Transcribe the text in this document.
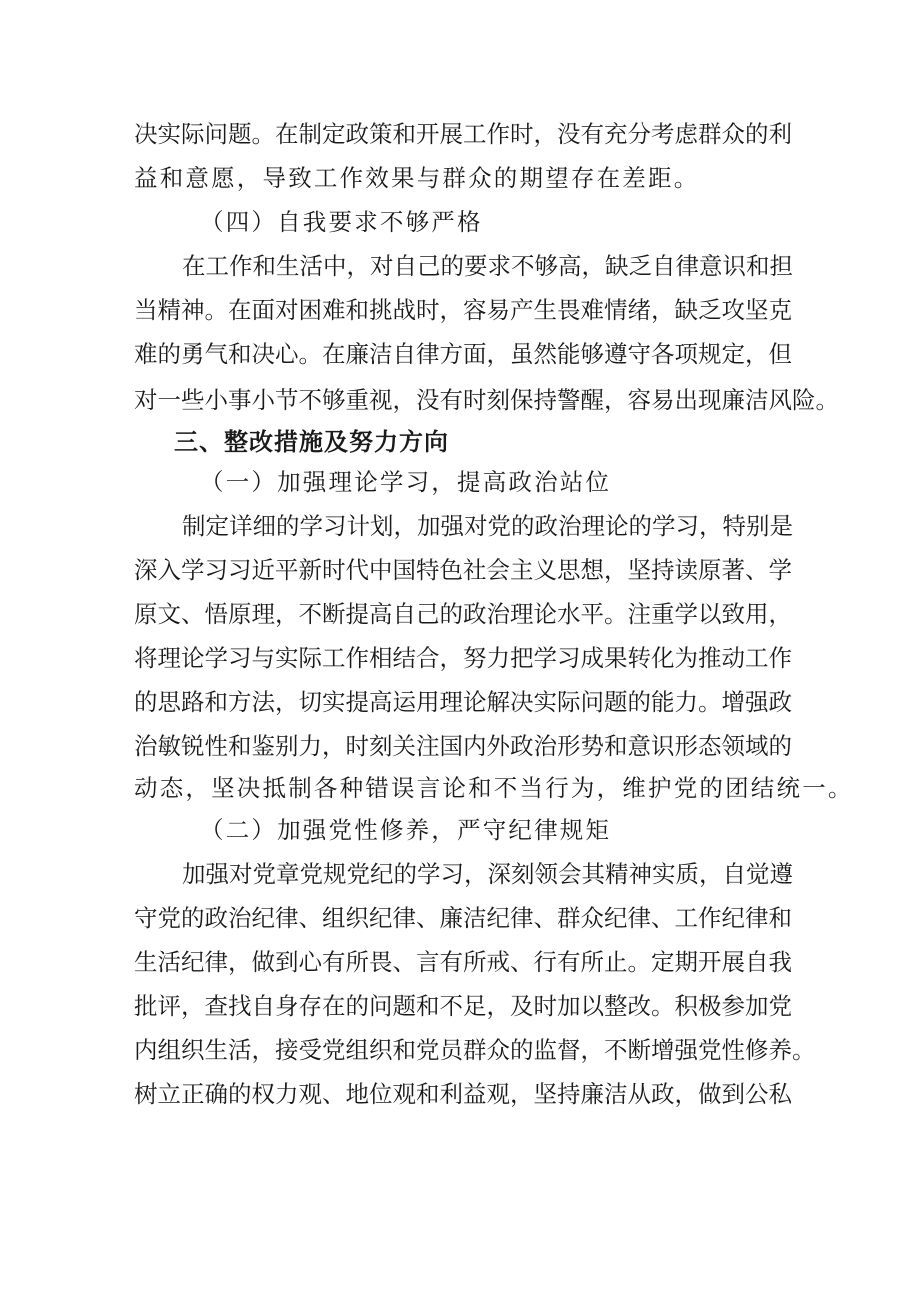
决实际问题。在制定政策和开展工作时，没有充分考虑群众的利
益和意愿，导致工作效果与群众的期望存在差距。
（四）自我要求不够严格
在工作和生活中，对自己的要求不够高，缺乏自律意识和担
当精神。在面对困难和挑战时，容易产生畏难情绪，缺乏攻坚克
难的勇气和决心。在廉洁自律方面，虽然能够遵守各项规定，但
对一些小事小节不够重视，没有时刻保持警醒，容易出现廉洁风险。
三、整改措施及努力方向
（一）加强理论学习，提高政治站位
制定详细的学习计划，加强对党的政治理论的学习，特别是
深入学习习近平新时代中国特色社会主义思想，坚持读原著、学
原文、悟原理，不断提高自己的政治理论水平。注重学以致用，
将理论学习与实际工作相结合，努力把学习成果转化为推动工作
的思路和方法，切实提高运用理论解决实际问题的能力。增强政
治敏锐性和鉴别力，时刻关注国内外政治形势和意识形态领域的
动态，坚决抵制各种错误言论和不当行为，维护党的团结统一。
（二）加强党性修养，严守纪律规矩
加强对党章党规党纪的学习，深刻领会其精神实质，自觉遵
守党的政治纪律、组织纪律、廉洁纪律、群众纪律、工作纪律和
生活纪律，做到心有所畏、言有所戒、行有所止。定期开展自我
批评，查找自身存在的问题和不足，及时加以整改。积极参加党
内组织生活，接受党组织和党员群众的监督，不断增强党性修养。
树立正确的权力观、地位观和利益观，坚持廉洁从政，做到公私
